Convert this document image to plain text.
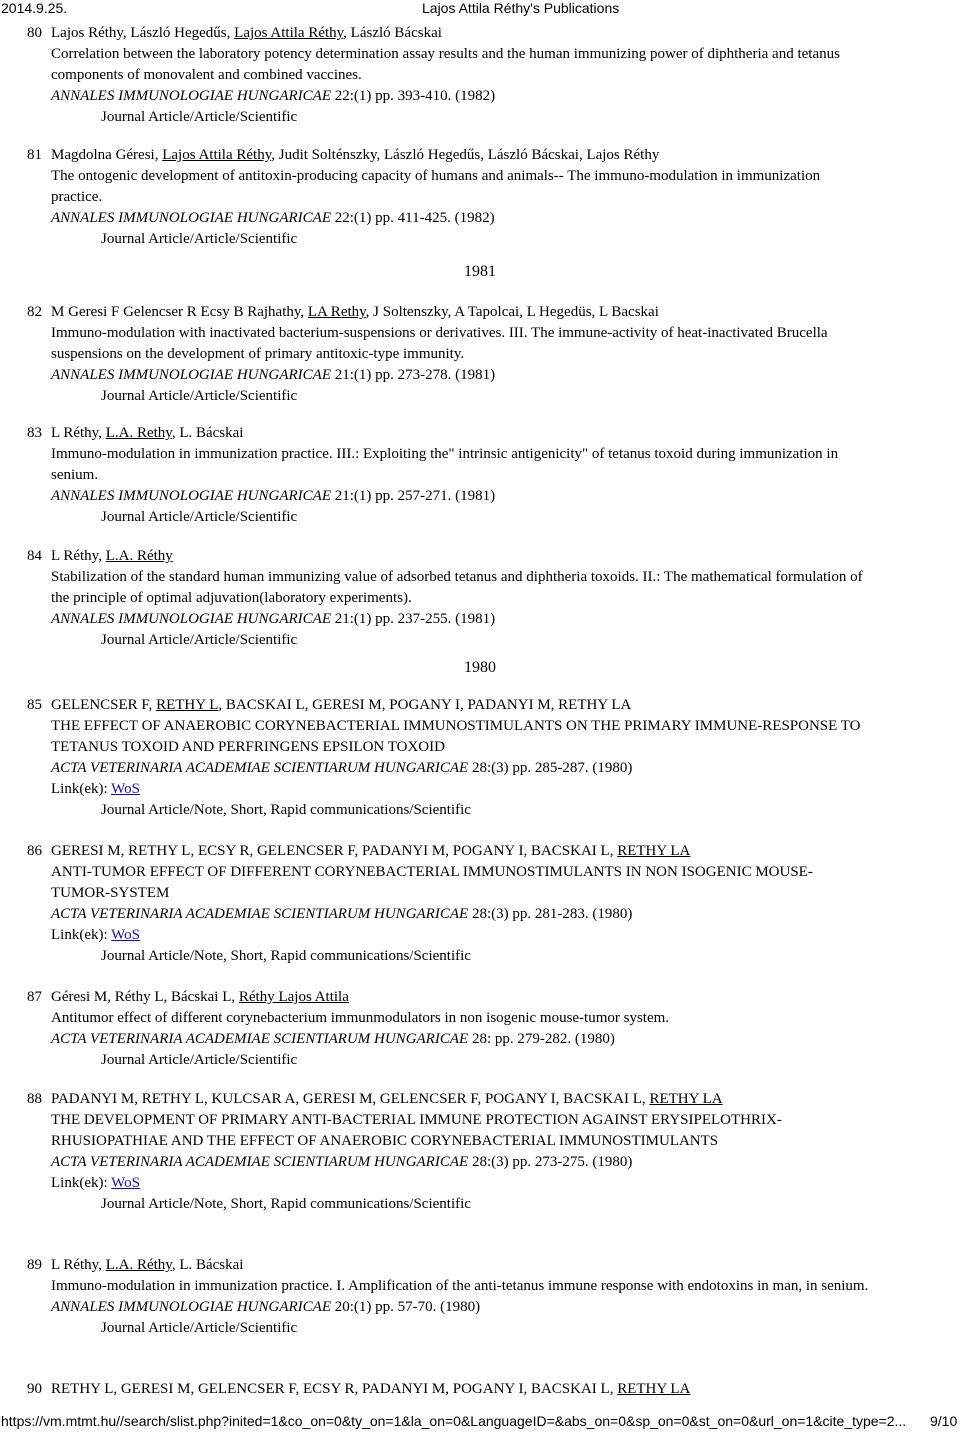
2014.9.25.	Lajos Attila Réthy's Publications
1981
1980
80 Lajos Réthy, László Hegedűs, Lajos Attila Réthy, László Bácskai
Correlation between the laboratory potency determination assay results and the human immunizing power of diphtheria and tetanus components of monovalent and combined vaccines.
ANNALES IMMUNOLOGIAE HUNGARICAE 22:(1) pp. 393-410. (1982)
Journal Article/Article/Scientific
81 Magdolna Géresi, Lajos Attila Réthy, Judit Solténszky, László Hegedűs, László Bácskai, Lajos Réthy
The ontogenic development of antitoxin-producing capacity of humans and animals-- The immuno-modulation in immunization practice.
ANNALES IMMUNOLOGIAE HUNGARICAE 22:(1) pp. 411-425. (1982)
Journal Article/Article/Scientific
82 M Geresi F Gelencser R Ecsy B Rajhathy, LA Rethy, J Soltenszky, A Tapolcai, L Hegedüs, L Bacskai
Immuno-modulation with inactivated bacterium-suspensions or derivatives. III. The immune-activity of heat-inactivated Brucella suspensions on the development of primary antitoxic-type immunity.
ANNALES IMMUNOLOGIAE HUNGARICAE 21:(1) pp. 273-278. (1981)
Journal Article/Article/Scientific
83 L Réthy, L.A. Rethy, L. Bácskai
Immuno-modulation in immunization practice. III.: Exploiting the" intrinsic antigenicity" of tetanus toxoid during immunization in senium.
ANNALES IMMUNOLOGIAE HUNGARICAE 21:(1) pp. 257-271. (1981)
Journal Article/Article/Scientific
84 L Réthy, L.A. Réthy
Stabilization of the standard human immunizing value of adsorbed tetanus and diphtheria toxoids. II.: The mathematical formulation of the principle of optimal adjuvation(laboratory experiments).
ANNALES IMMUNOLOGIAE HUNGARICAE 21:(1) pp. 237-255. (1981)
Journal Article/Article/Scientific
85 GELENCSER F, RETHY L, BACSKAI L, GERESI M, POGANY I, PADANYI M, RETHY LA
THE EFFECT OF ANAEROBIC CORYNEBACTERIAL IMMUNOSTIMULANTS ON THE PRIMARY IMMUNE-RESPONSE TO TETANUS TOXOID AND PERFRINGENS EPSILON TOXOID
ACTA VETERINARIA ACADEMIAE SCIENTIARUM HUNGARICAE 28:(3) pp. 285-287. (1980)
Link(ek): WoS
Journal Article/Note, Short, Rapid communications/Scientific
86 GERESI M, RETHY L, ECSY R, GELENCSER F, PADANYI M, POGANY I, BACSKAI L, RETHY LA
ANTI-TUMOR EFFECT OF DIFFERENT CORYNEBACTERIAL IMMUNOSTIMULANTS IN NON ISOGENIC MOUSE-TUMOR-SYSTEM
ACTA VETERINARIA ACADEMIAE SCIENTIARUM HUNGARICAE 28:(3) pp. 281-283. (1980)
Link(ek): WoS
Journal Article/Note, Short, Rapid communications/Scientific
87 Géresi M, Réthy L, Bácskai L, Réthy Lajos Attila
Antitumor effect of different corynebacterium immunmodulators in non isogenic mouse-tumor system.
ACTA VETERINARIA ACADEMIAE SCIENTIARUM HUNGARICAE 28: pp. 279-282. (1980)
Journal Article/Article/Scientific
88 PADANYI M, RETHY L, KULCSAR A, GERESI M, GELENCSER F, POGANY I, BACSKAI L, RETHY LA
THE DEVELOPMENT OF PRIMARY ANTI-BACTERIAL IMMUNE PROTECTION AGAINST ERYSIPELOTHRIX-RHUSIOPATHIAE AND THE EFFECT OF ANAEROBIC CORYNEBACTERIAL IMMUNOSTIMULANTS
ACTA VETERINARIA ACADEMIAE SCIENTIARUM HUNGARICAE 28:(3) pp. 273-275. (1980)
Link(ek): WoS
Journal Article/Note, Short, Rapid communications/Scientific
89 L Réthy, L.A. Réthy, L. Bácskai
Immuno-modulation in immunization practice. I. Amplification of the anti-tetanus immune response with endotoxins in man, in senium.
ANNALES IMMUNOLOGIAE HUNGARICAE 20:(1) pp. 57-70. (1980)
Journal Article/Article/Scientific
90 RETHY L, GERESI M, GELENCSER F, ECSY R, PADANYI M, POGANY I, BACSKAI L, RETHY LA
https://vm.mtmt.hu//search/slist.php?inited=1&co_on=0&ty_on=1&la_on=0&LanguageID=&abs_on=0&sp_on=0&st_on=0&url_on=1&cite_type=2... 9/10
